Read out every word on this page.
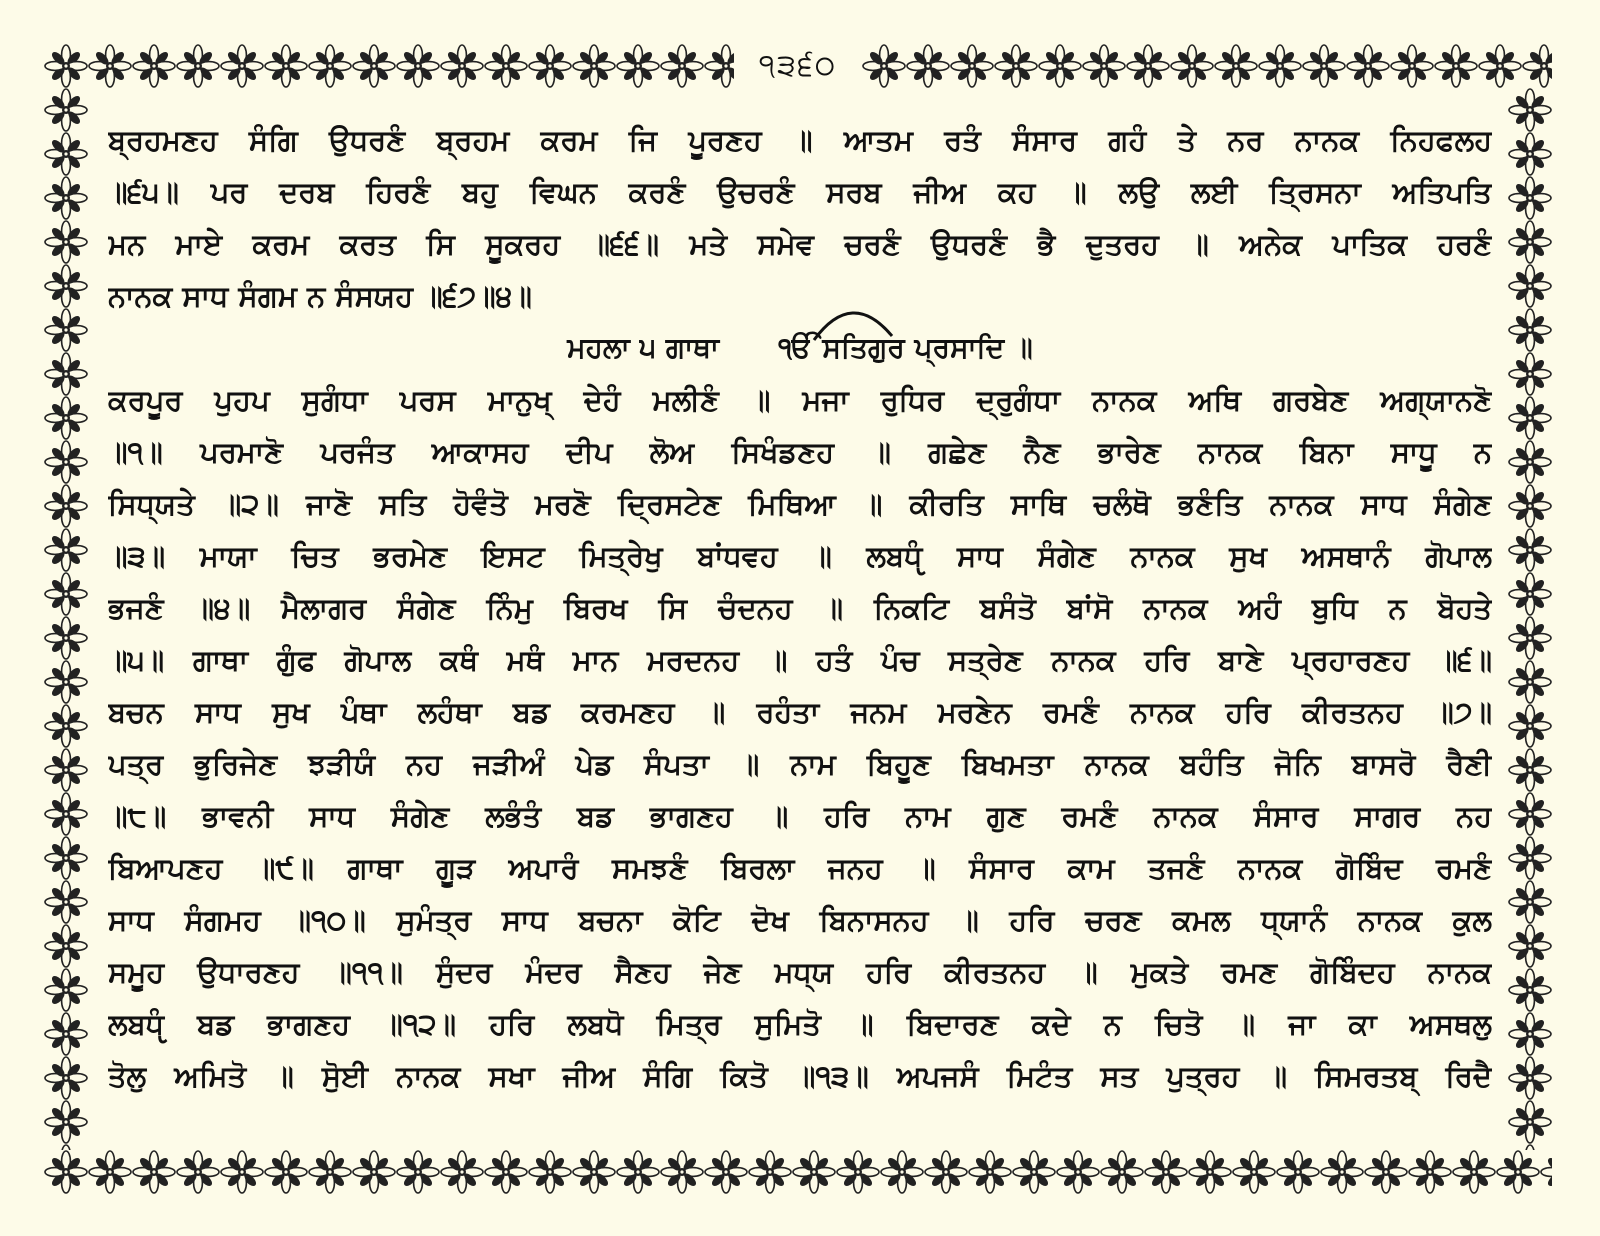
੧੩੬੦
ਬ੍ਰਹਮਣਹ ਸੰਗਿ ਉਧਰਣੰ ਬ੍ਰਹਮ ਕਰਮ ਜਿ ਪੂਰਣਹ ॥ ਆਤਮ ਰਤੰ ਸੰਸਾਰ ਗਹੰ ਤੇ ਨਰ ਨਾਨਕ ਨਿਹਫਲਹ
॥੬੫॥ ਪਰ ਦਰਬ ਹਿਰਣੰ ਬਹੁ ਵਿਘਨ ਕਰਣੰ ਉਚਰਣੰ ਸਰਬ ਜੀਅ ਕਹ ॥ ਲਉ ਲਈ ਤ੍ਰਿਸਨਾ ਅਤਿਪਤਿ
ਮਨ ਮਾਏ ਕਰਮ ਕਰਤ ਸਿ ਸੂਕਰਹ ॥੬੬॥ ਮਤੇ ਸਮੇਵ ਚਰਣੰ ਉਧਰਣੰ ਭੈ ਦੁਤਰਹ ॥ ਅਨੇਕ ਪਾਤਿਕ ਹਰਣੰ
ਨਾਨਕ ਸਾਧ ਸੰਗਮ ਨ ਸੰਸਯਹ ॥੬੭॥੪॥
ਮਹਲਾ ੫ ਗਾਥਾ ੴ ਸਤਿਗੁਰ ਪ੍ਰਸਾਦਿ ॥
ਕਰਪੂਰ ਪੁਹਪ ਸੁਗੰਧਾ ਪਰਸ ਮਾਨੁਖ੍ ਦੇਹੰ ਮਲੀਣੰ ॥ ਮਜਾ ਰੁਧਿਰ ਦ੍ਰੁਗੰਧਾ ਨਾਨਕ ਅਥਿ ਗਰਬੇਣ ਅਗ੍ਯਾਨਣੋ
॥੧॥ ਪਰਮਾਣੋ ਪਰਜੰਤ ਆਕਾਸਹ ਦੀਪ ਲੋਅ ਸਿਖੰਡਣਹ ॥ ਗਛੇਣ ਨੈਣ ਭਾਰੇਣ ਨਾਨਕ ਬਿਨਾ ਸਾਧੂ ਨ
ਸਿਧ੍ਯਤੇ ॥੨॥ ਜਾਣੋ ਸਤਿ ਹੋਵੰਤੋ ਮਰਣੋ ਦ੍ਰਿਸਟੇਣ ਮਿਥਿਆ ॥ ਕੀਰਤਿ ਸਾਥਿ ਚਲੰਥੋ ਭਣੰਤਿ ਨਾਨਕ ਸਾਧ ਸੰਗੇਣ
॥੩॥ ਮਾਯਾ ਚਿਤ ਭਰਮੇਣ ਇਸਟ ਮਿਤ੍ਰੇਖੁ ਬਾਂਧਵਹ ॥ ਲਬਧੵੰ ਸਾਧ ਸੰਗੇਣ ਨਾਨਕ ਸੁਖ ਅਸਥਾਨੰ ਗੋਪਾਲ
ਭਜਣੰ ॥੪॥ ਮੈਲਾਗਰ ਸੰਗੇਣ ਨਿੰਮੁ ਬਿਰਖ ਸਿ ਚੰਦਨਹ ॥ ਨਿਕਟਿ ਬਸੰਤੋ ਬਾਂਸੋ ਨਾਨਕ ਅਹੰ ਬੁਧਿ ਨ ਬੋਹਤੇ
॥੫॥ ਗਾਥਾ ਗੁੰਫ ਗੋਪਾਲ ਕਥੰ ਮਥੰ ਮਾਨ ਮਰਦਨਹ ॥ ਹਤੰ ਪੰਚ ਸਤ੍ਰੇਣ ਨਾਨਕ ਹਰਿ ਬਾਣੇ ਪ੍ਰਹਾਰਣਹ ॥੬॥
ਬਚਨ ਸਾਧ ਸੁਖ ਪੰਥਾ ਲਹੰਥਾ ਬਡ ਕਰਮਣਹ ॥ ਰਹੰਤਾ ਜਨਮ ਮਰਣੇਨ ਰਮਣੰ ਨਾਨਕ ਹਰਿ ਕੀਰਤਨਹ ॥੭॥
ਪਤ੍ਰ ਭੁਰਿਜੇਣ ਝੜੀਯੰ ਨਹ ਜੜੀਅੰ ਪੇਡ ਸੰਪਤਾ ॥ ਨਾਮ ਬਿਹੂਣ ਬਿਖਮਤਾ ਨਾਨਕ ਬਹੰਤਿ ਜੋਨਿ ਬਾਸਰੋ ਰੈਣੀ
॥੮॥ ਭਾਵਨੀ ਸਾਧ ਸੰਗੇਣ ਲਭੰਤੰ ਬਡ ਭਾਗਣਹ ॥ ਹਰਿ ਨਾਮ ਗੁਣ ਰਮਣੰ ਨਾਨਕ ਸੰਸਾਰ ਸਾਗਰ ਨਹ
ਬਿਆਪਣਹ ॥੯॥ ਗਾਥਾ ਗੂੜ ਅਪਾਰੰ ਸਮਝਣੰ ਬਿਰਲਾ ਜਨਹ ॥ ਸੰਸਾਰ ਕਾਮ ਤਜਣੰ ਨਾਨਕ ਗੋਬਿੰਦ ਰਮਣੰ
ਸਾਧ ਸੰਗਮਹ ॥੧੦॥ ਸੁਮੰਤ੍ਰ ਸਾਧ ਬਚਨਾ ਕੋਟਿ ਦੋਖ ਬਿਨਾਸਨਹ ॥ ਹਰਿ ਚਰਣ ਕਮਲ ਧ੍ਯਾਨੰ ਨਾਨਕ ਕੁਲ
ਸਮੂਹ ਉਧਾਰਣਹ ॥੧੧॥ ਸੁੰਦਰ ਮੰਦਰ ਸੈਣਹ ਜੇਣ ਮਧ੍ਯ ਹਰਿ ਕੀਰਤਨਹ ॥ ਮੁਕਤੇ ਰਮਣ ਗੋਬਿੰਦਹ ਨਾਨਕ
ਲਬਧੵੰ ਬਡ ਭਾਗਣਹ ॥੧੨॥ ਹਰਿ ਲਬਧੋ ਮਿਤ੍ਰ ਸੁਮਿਤੋ ॥ ਬਿਦਾਰਣ ਕਦੇ ਨ ਚਿਤੋ ॥ ਜਾ ਕਾ ਅਸਥਲੁ
ਤੋਲੁ ਅਮਿਤੋ ॥ ਸੋੁਈ ਨਾਨਕ ਸਖਾ ਜੀਅ ਸੰਗਿ ਕਿਤੋ ॥੧੩॥ ਅਪਜਸੰ ਮਿਟੰਤ ਸਤ ਪੁਤ੍ਰਹ ॥ ਸਿਮਰਤਬ੍ ਰਿਦੈ
